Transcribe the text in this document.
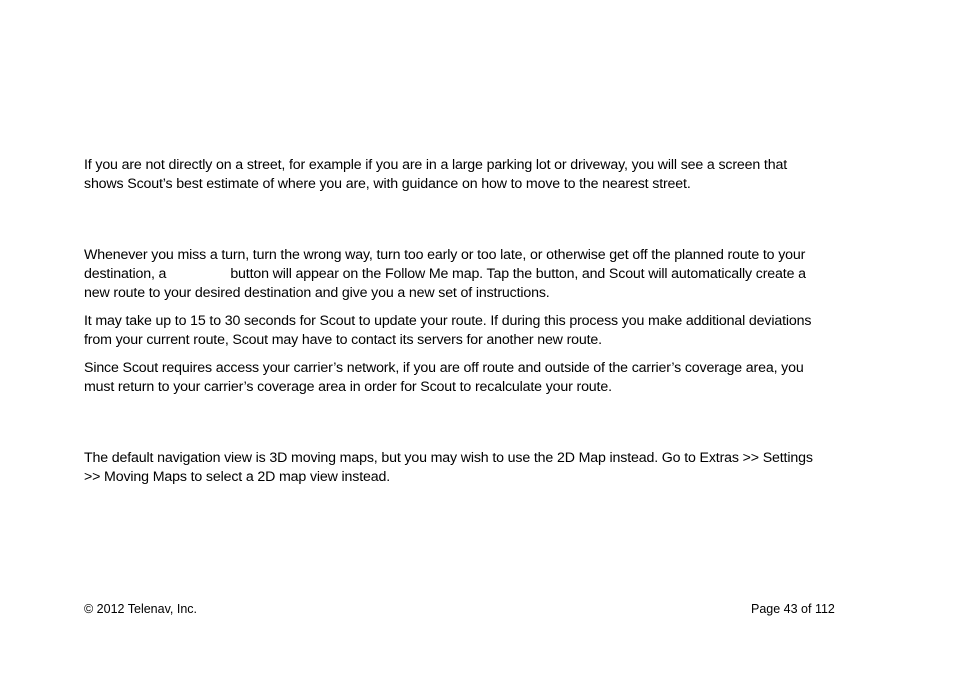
If you are not directly on a street, for example if you are in a large parking lot or driveway, you will see a screen that
shows Scout’s best estimate of where you are, with guidance on how to move to the nearest street.

Whenever you miss a turn, turn the wrong way, turn too early or too late, or otherwise get off the planned route to your
destination, a	button will appear on the Follow Me map. Tap the button, and Scout will automatically create a
new route to your desired destination and give you a new set of instructions.

It may take up to 15 to 30 seconds for Scout to update your route. If during this process you make additional deviations
from your current route, Scout may have to contact its servers for another new route.

Since Scout requires access your carrier’s network, if you are off route and outside of the carrier’s coverage area, you
must return to your carrier’s coverage area in order for Scout to recalculate your route.

The default navigation view is 3D moving maps, but you may wish to use the 2D Map instead. Go to Extras >> Settings
>> Moving Maps to select a 2D map view instead.

© 2012 Telenav, Inc.	Page 43 of 112
